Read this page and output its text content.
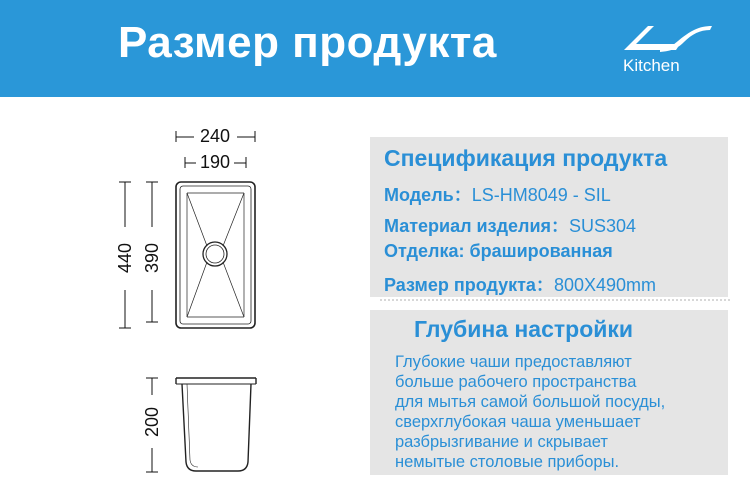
Размер продукта	Kitchen
240
190
440 390
200
Спецификация продукта
Модель：LS-HM8049 - SIL
Материал изделия：SUS304
Отделка: брашированная
Размер продукта：800X490mm
Глубина настройки
Глубокие чаши предоставляют
больше рабочего пространства
для мытья самой большой посуды,
сверхглубокая чаша уменьшает
разбрызгивание и скрывает
немытые столовые приборы.
